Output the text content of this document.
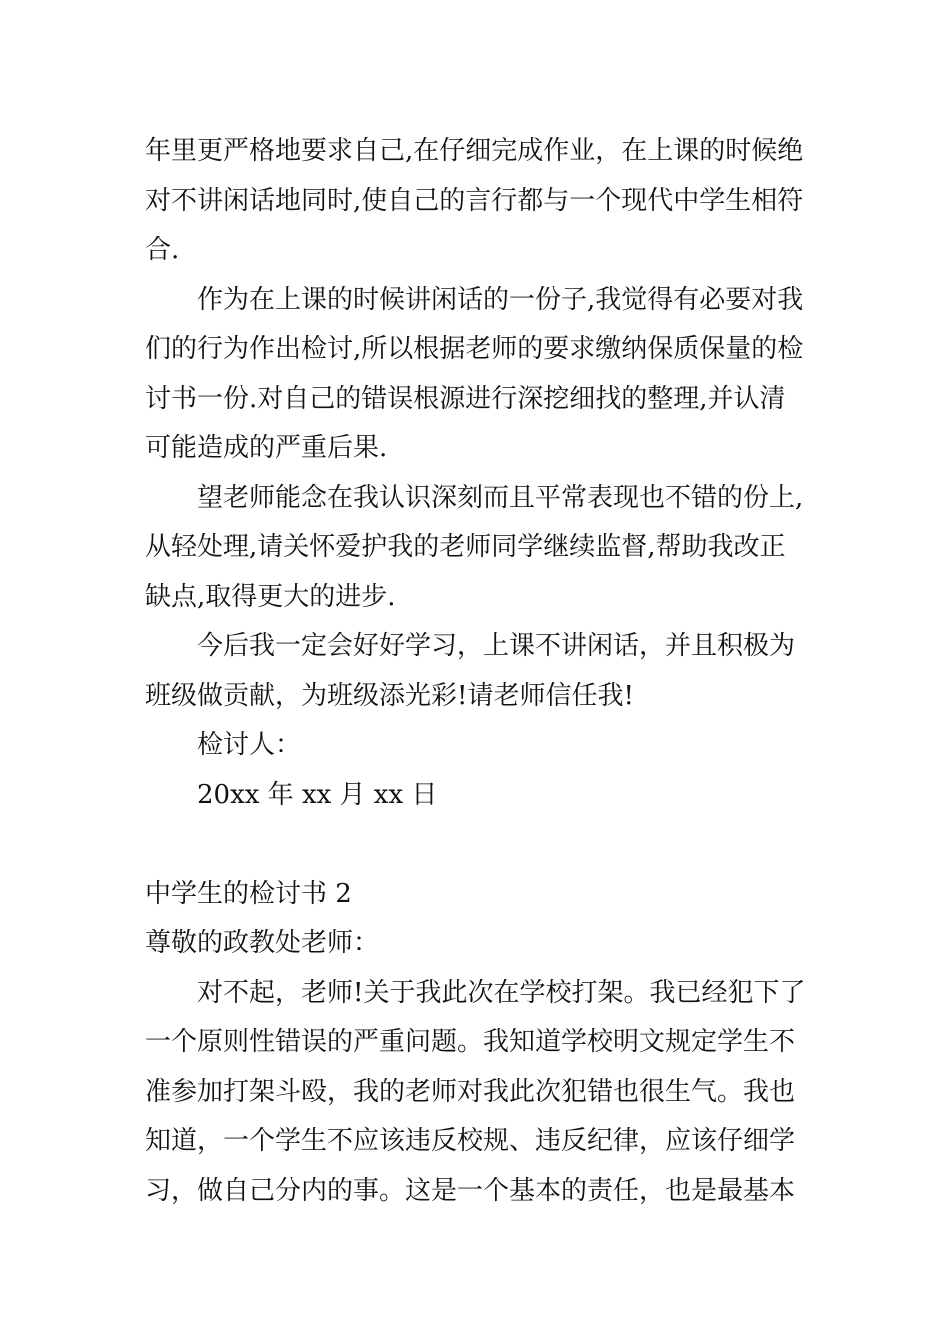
年里更严格地要求自己,在仔细完成作业，在上课的时候绝
对不讲闲话地同时,使自己的言行都与一个现代中学生相符
合.
作为在上课的时候讲闲话的一份子,我觉得有必要对我
们的行为作出检讨,所以根据老师的要求缴纳保质保量的检
讨书一份.对自己的错误根源进行深挖细找的整理,并认清
可能造成的严重后果.
望老师能念在我认识深刻而且平常表现也不错的份上,
从轻处理,请关怀爱护我的老师同学继续监督,帮助我改正
缺点,取得更大的进步.
今后我一定会好好学习，上课不讲闲话，并且积极为
班级做贡献，为班级添光彩!请老师信任我!
检讨人：
20xx 年 xx 月 xx 日
中学生的检讨书 2
尊敬的政教处老师：
对不起，老师!关于我此次在学校打架。我已经犯下了
一个原则性错误的严重问题。我知道学校明文规定学生不
准参加打架斗殴，我的老师对我此次犯错也很生气。我也
知道，一个学生不应该违反校规、违反纪律，应该仔细学
习，做自己分内的事。这是一个基本的责任，也是最基本
